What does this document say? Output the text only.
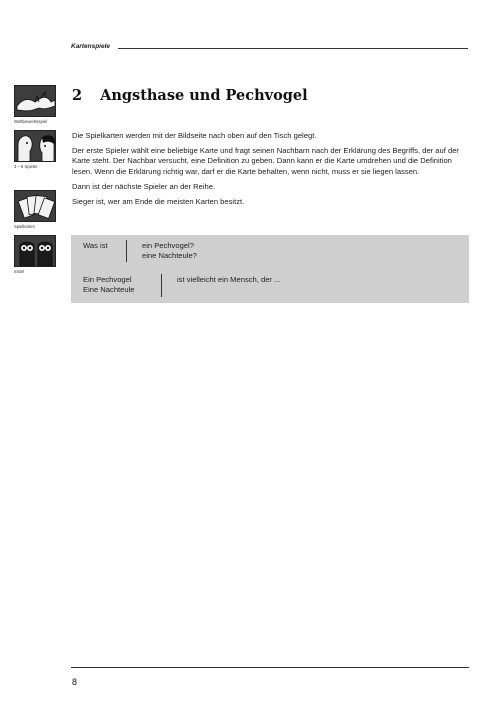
Kartenspiele
Wettbewerbsspiel
3 – 6 Spieler
Spielkarten
mittel
2 Angsthase und Pechvogel

Die Spielkarten werden mit der Bildseite nach oben auf den Tisch gelegt.

Der erste Spieler wählt eine beliebige Karte und fragt seinen Nachbarn nach der Erklärung des Begriffs, der auf der Karte steht. Der Nachbar versucht, eine Definition zu geben. Dann kann er die Karte umdrehen und die Definition lesen. Wenn die Erklärung richtig war, darf er die Karte behalten, wenn nicht, muss er sie liegen lassen.

Dann ist der nächste Spieler an der Reihe.

Sieger ist, wer am Ende die meisten Karten besitzt.

Was ist	ein Pechvogel?
eine Nachteule?
Ein Pechvogel
Eine Nachteule
ist vielleicht ein Mensch, der ...
8
